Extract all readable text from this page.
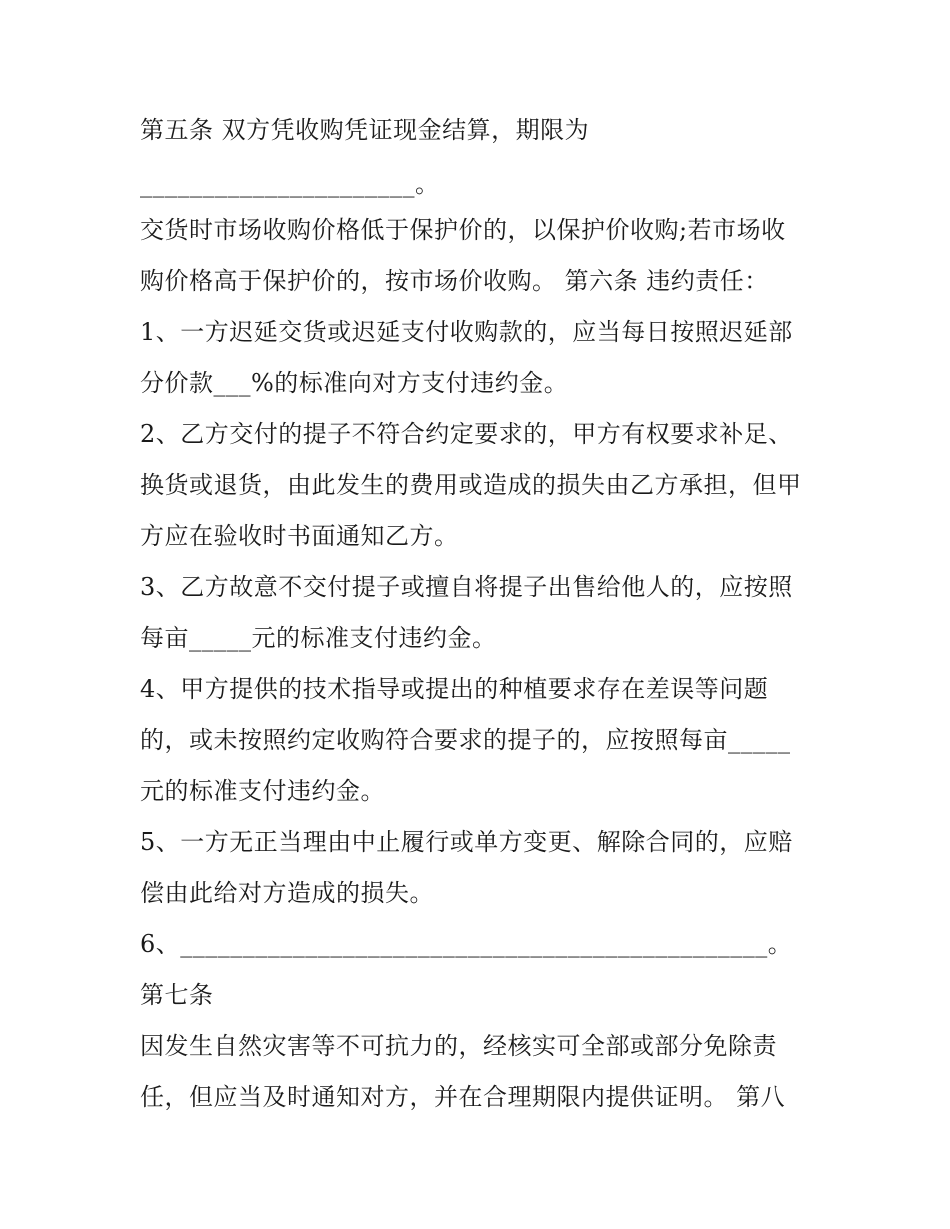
第五条 双方凭收购凭证现金结算，期限为
______________________。
交货时市场收购价格低于保护价的，以保护价收购;若市场收
购价格高于保护价的，按市场价收购。 第六条 违约责任：
1、一方迟延交货或迟延支付收购款的，应当每日按照迟延部
分价款___%的标准向对方支付违约金。
2、乙方交付的提子不符合约定要求的，甲方有权要求补足、
换货或退货，由此发生的费用或造成的损失由乙方承担，但甲
方应在验收时书面通知乙方。
3、乙方故意不交付提子或擅自将提子出售给他人的，应按照
每亩_____元的标准支付违约金。
4、甲方提供的技术指导或提出的种植要求存在差误等问题
的，或未按照约定收购符合要求的提子的，应按照每亩_____
元的标准支付违约金。
5、一方无正当理由中止履行或单方变更、解除合同的，应赔
偿由此给对方造成的损失。
6、_______________________________________________。
第七条
因发生自然灾害等不可抗力的，经核实可全部或部分免除责
任，但应当及时通知对方，并在合理期限内提供证明。 第八
